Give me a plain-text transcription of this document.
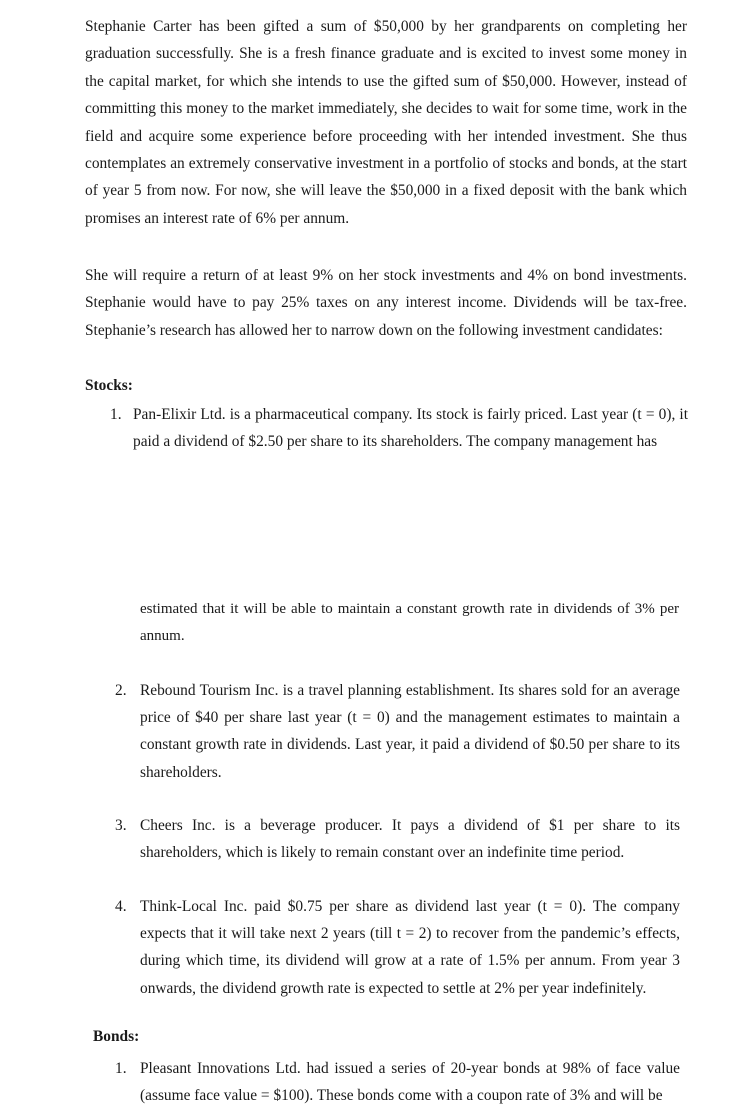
Stephanie Carter has been gifted a sum of $50,000 by her grandparents on completing her graduation successfully. She is a fresh finance graduate and is excited to invest some money in the capital market, for which she intends to use the gifted sum of $50,000. However, instead of committing this money to the market immediately, she decides to wait for some time, work in the field and acquire some experience before proceeding with her intended investment. She thus contemplates an extremely conservative investment in a portfolio of stocks and bonds, at the start of year 5 from now. For now, she will leave the $50,000 in a fixed deposit with the bank which promises an interest rate of 6% per annum.

She will require a return of at least 9% on her stock investments and 4% on bond investments. Stephanie would have to pay 25% taxes on any interest income. Dividends will be tax-free. Stephanie’s research has allowed her to narrow down on the following investment candidates:

Stocks:

1. Pan-Elixir Ltd. is a pharmaceutical company. Its stock is fairly priced. Last year (t = 0), it paid a dividend of $2.50 per share to its shareholders. The company management has

estimated that it will be able to maintain a constant growth rate in dividends of 3% per annum.

2. Rebound Tourism Inc. is a travel planning establishment. Its shares sold for an average price of $40 per share last year (t = 0) and the management estimates to maintain a constant growth rate in dividends. Last year, it paid a dividend of $0.50 per share to its shareholders.

3. Cheers Inc. is a beverage producer. It pays a dividend of $1 per share to its shareholders, which is likely to remain constant over an indefinite time period.

4. Think-Local Inc. paid $0.75 per share as dividend last year (t = 0). The company expects that it will take next 2 years (till t = 2) to recover from the pandemic’s effects, during which time, its dividend will grow at a rate of 1.5% per annum. From year 3 onwards, the dividend growth rate is expected to settle at 2% per year indefinitely.

Bonds:

1. Pleasant Innovations Ltd. had issued a series of 20-year bonds at 98% of face value (assume face value = $100). These bonds come with a coupon rate of 3% and will be
